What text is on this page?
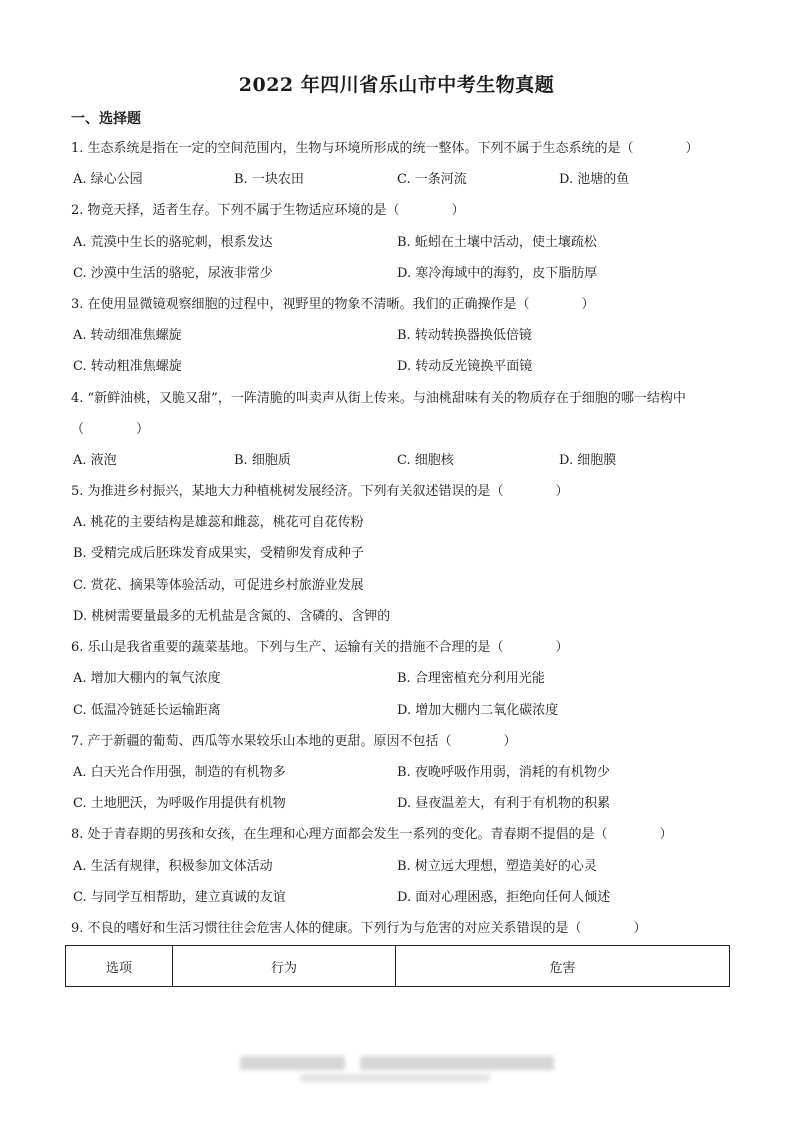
2022 年四川省乐山市中考生物真题
一、选择题
1. 生态系统是指在一定的空间范围内，生物与环境所形成的统一整体。下列不属于生态系统的是（　　　　）
A. 绿心公园	B. 一块农田	C. 一条河流	D. 池塘的鱼
2. 物竞天择，适者生存。下列不属于生物适应环境的是（　　　　）
A. 荒漠中生长的骆驼刺，根系发达	B. 蚯蚓在土壤中活动，使土壤疏松
C. 沙漠中生活的骆驼，尿液非常少	D. 寒冷海域中的海豹，皮下脂肪厚
3. 在使用显微镜观察细胞的过程中，视野里的物象不清晰。我们的正确操作是（　　　　）
A. 转动细准焦螺旋	B. 转动转换器换低倍镜
C. 转动粗准焦螺旋	D. 转动反光镜换平面镜
4. “新鲜油桃，又脆又甜”，一阵清脆的叫卖声从街上传来。与油桃甜味有关的物质存在于细胞的哪一结构中
（　　　　）
A. 液泡	B. 细胞质	C. 细胞核	D. 细胞膜
5. 为推进乡村振兴，某地大力种植桃树发展经济。下列有关叙述错误的是（　　　　）
A. 桃花的主要结构是雄蕊和雌蕊，桃花可自花传粉
B. 受精完成后胚珠发育成果实，受精卵发育成种子
C. 赏花、摘果等体验活动，可促进乡村旅游业发展
D. 桃树需要量最多的无机盐是含氮的、含磷的、含钾的
6. 乐山是我省重要的蔬菜基地。下列与生产、运输有关的措施不合理的是（　　　　）
A. 增加大棚内的氧气浓度	B. 合理密植充分利用光能
C. 低温冷链延长运输距离	D. 增加大棚内二氧化碳浓度
7. 产于新疆的葡萄、西瓜等水果较乐山本地的更甜。原因不包括（　　　　）
A. 白天光合作用强，制造的有机物多	B. 夜晚呼吸作用弱，消耗的有机物少
C. 土地肥沃，为呼吸作用提供有机物	D. 昼夜温差大，有利于有机物的积累
8. 处于青春期的男孩和女孩，在生理和心理方面都会发生一系列的变化。青春期不提倡的是（　　　　）
A. 生活有规律，积极参加文体活动	B. 树立远大理想，塑造美好的心灵
C. 与同学互相帮助，建立真诚的友谊	D. 面对心理困惑，拒绝向任何人倾述
9. 不良的嗜好和生活习惯往往会危害人体的健康。下列行为与危害的对应关系错误的是（　　　　）
选项	行为	危害
